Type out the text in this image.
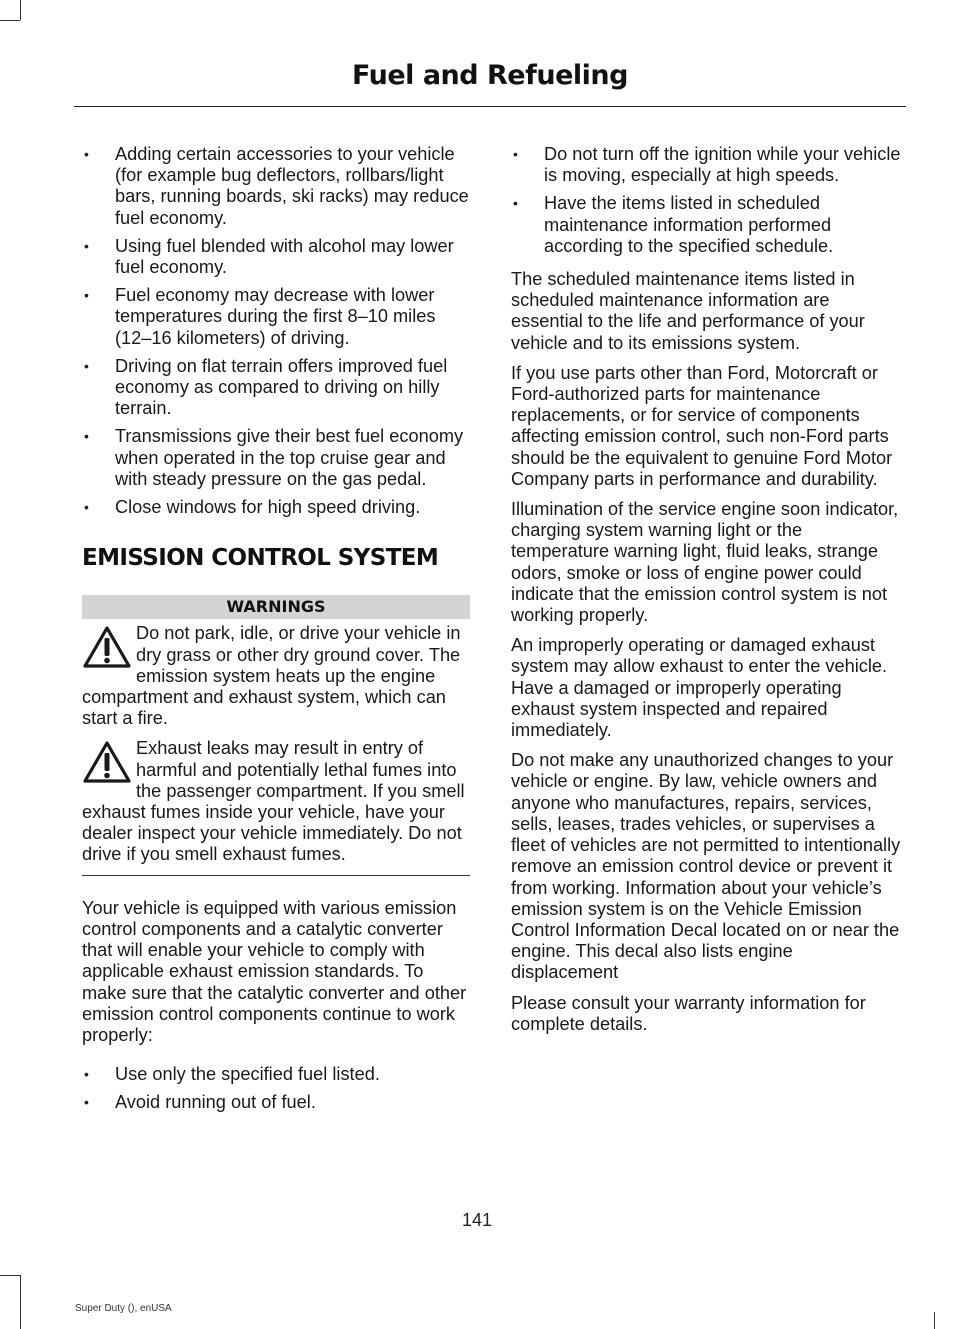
Fuel and Refueling
• Adding certain accessories to your vehicle (for example bug deflectors, rollbars/light bars, running boards, ski racks) may reduce fuel economy.
• Using fuel blended with alcohol may lower fuel economy.
• Fuel economy may decrease with lower temperatures during the first 8–10 miles (12–16 kilometers) of driving.
• Driving on flat terrain offers improved fuel economy as compared to driving on hilly terrain.
• Transmissions give their best fuel economy when operated in the top cruise gear and with steady pressure on the gas pedal.
• Close windows for high speed driving.
EMISSION CONTROL SYSTEM
WARNINGS
Do not park, idle, or drive your vehicle in dry grass or other dry ground cover. The emission system heats up the engine compartment and exhaust system, which can start a fire.
Exhaust leaks may result in entry of harmful and potentially lethal fumes into the passenger compartment. If you smell exhaust fumes inside your vehicle, have your dealer inspect your vehicle immediately. Do not drive if you smell exhaust fumes.

Your vehicle is equipped with various emission control components and a catalytic converter that will enable your vehicle to comply with applicable exhaust emission standards. To make sure that the catalytic converter and other emission control components continue to work properly:

• Use only the specified fuel listed.
• Avoid running out of fuel.
• Do not turn off the ignition while your vehicle is moving, especially at high speeds.
• Have the items listed in scheduled maintenance information performed according to the specified schedule.

The scheduled maintenance items listed in scheduled maintenance information are essential to the life and performance of your vehicle and to its emissions system.

If you use parts other than Ford, Motorcraft or Ford-authorized parts for maintenance replacements, or for service of components affecting emission control, such non-Ford parts should be the equivalent to genuine Ford Motor Company parts in performance and durability.

Illumination of the service engine soon indicator, charging system warning light or the temperature warning light, fluid leaks, strange odors, smoke or loss of engine power could indicate that the emission control system is not working properly.

An improperly operating or damaged exhaust system may allow exhaust to enter the vehicle. Have a damaged or improperly operating exhaust system inspected and repaired immediately.

Do not make any unauthorized changes to your vehicle or engine. By law, vehicle owners and anyone who manufactures, repairs, services, sells, leases, trades vehicles, or supervises a fleet of vehicles are not permitted to intentionally remove an emission control device or prevent it from working. Information about your vehicle’s emission system is on the Vehicle Emission Control Information Decal located on or near the engine. This decal also lists engine displacement

Please consult your warranty information for complete details.

141
Super Duty (), enUSA
